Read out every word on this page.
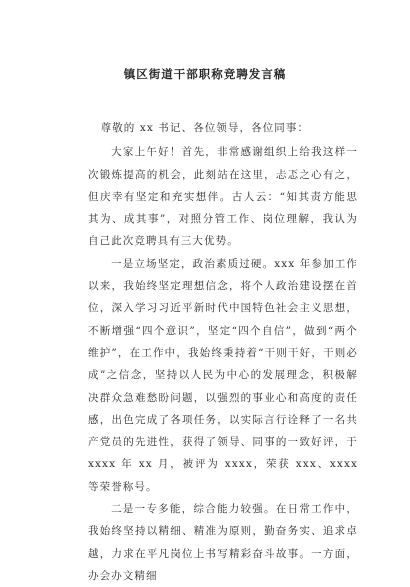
镇区街道干部职称竞聘发言稿

尊敬的 xx 书记、各位领导，各位同事：

大家上午好！首先，非常感谢组织上给我这样一次锻炼提高的机会，此刻站在这里，忐忑之心有之，但庆幸有坚定和充实想伴。古人云：“知其责方能思其为、成其事”，对照分管工作、岗位理解，我认为自己此次竞聘具有三大优势。

一是立场坚定，政治素质过硬。xxx 年参加工作以来，我始终坚定理想信念，将个人政治建设摆在首位，深入学习习近平新时代中国特色社会主义思想，不断增强“四个意识”，坚定“四个自信”，做到“两个维护”，在工作中，我始终秉持着“干则干好，干则必成”之信念，坚持以人民为中心的发展理念，积极解决群众急难愁盼问题，以强烈的事业心和高度的责任感，出色完成了各项任务，以实际言行诠释了一名共产党员的先进性，获得了领导、同事的一致好评，于 xxxx 年 xx 月，被评为 xxxx，荣获 xxx、xxxx 等荣誉称号。

二是一专多能，综合能力较强。在日常工作中，我始终坚持以精细、精准为原则，勤奋务实、追求卓越，力求在平凡岗位上书写精彩奋斗故事。一方面，办会办文精细
